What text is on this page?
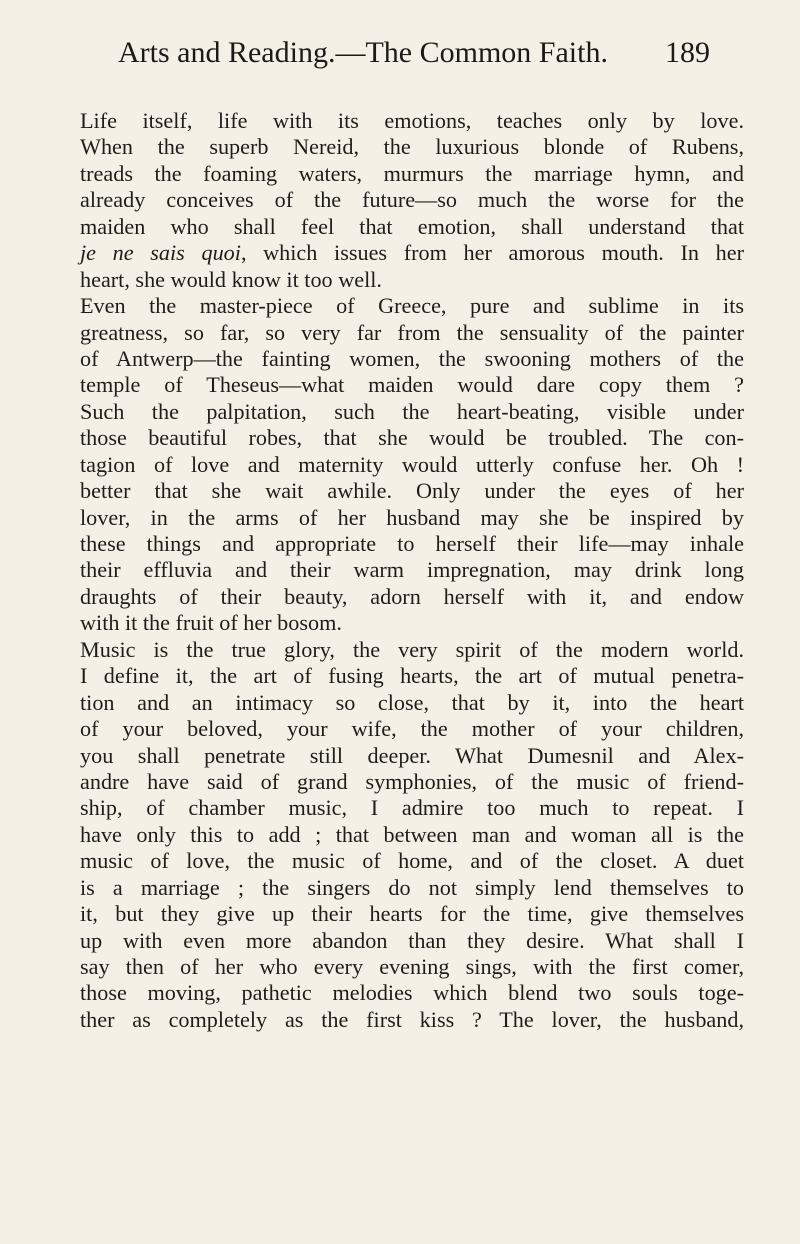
Arts and Reading.—The Common Faith. 189
Life itself, life with its emotions, teaches only by love.
When the superb Nereid, the luxurious blonde of Rubens,
treads the foaming waters, murmurs the marriage hymn, and
already conceives of the future—so much the worse for the
maiden who shall feel that emotion, shall understand that
je ne sais quoi, which issues from her amorous mouth. In her
heart, she would know it too well.
Even the master-piece of Greece, pure and sublime in its
greatness, so far, so very far from the sensuality of the painter
of Antwerp—the fainting women, the swooning mothers of the
temple of Theseus—what maiden would dare copy them ?
Such the palpitation, such the heart-beating, visible under
those beautiful robes, that she would be troubled. The con-
tagion of love and maternity would utterly confuse her. Oh !
better that she wait awhile. Only under the eyes of her
lover, in the arms of her husband may she be inspired by
these things and appropriate to herself their life—may inhale
their effluvia and their warm impregnation, may drink long
draughts of their beauty, adorn herself with it, and endow
with it the fruit of her bosom.
Music is the true glory, the very spirit of the modern world.
I define it, the art of fusing hearts, the art of mutual penetra-
tion and an intimacy so close, that by it, into the heart
of your beloved, your wife, the mother of your children,
you shall penetrate still deeper. What Dumesnil and Alex-
andre have said of grand symphonies, of the music of friend-
ship, of chamber music, I admire too much to repeat. I
have only this to add ; that between man and woman all is the
music of love, the music of home, and of the closet. A duet
is a marriage ; the singers do not simply lend themselves to
it, but they give up their hearts for the time, give themselves
up with even more abandon than they desire. What shall I
say then of her who every evening sings, with the first comer,
those moving, pathetic melodies which blend two souls toge-
ther as completely as the first kiss ? The lover, the husband,
